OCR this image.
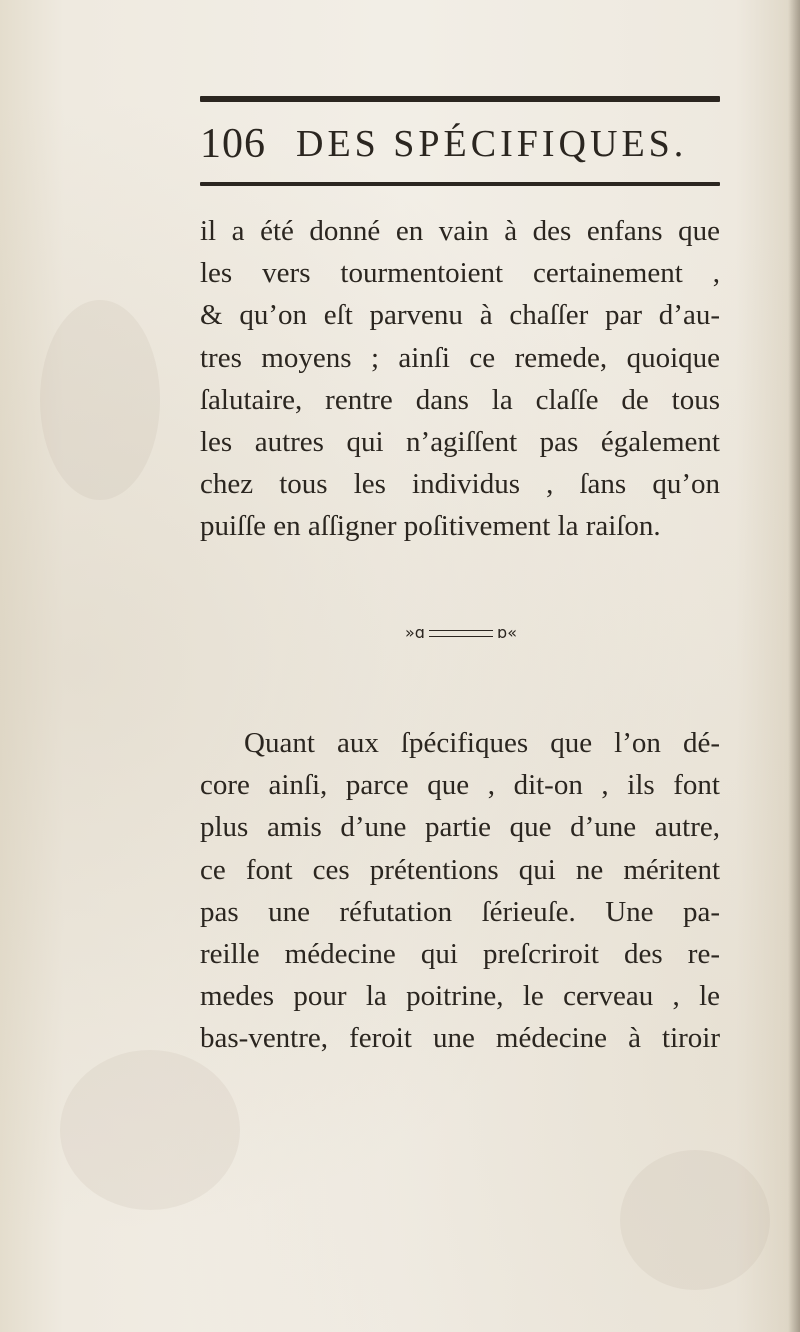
106 DES SPÉCIFIQUES.
il a été donné en vain à des enfans que
les vers tourmentoient certainement ,
& qu’on eſt parvenu à chaſſer par d’au-
tres moyens ; ainſi ce remede, quoique
ſalutaire, rentre dans la claſſe de tous
les autres qui n’agiſſent pas également
chez tous les individus , ſans qu’on
puiſſe en aſſigner poſitivement la raiſon.
»ɑ	ɒ«
Quant aux ſpécifiques que l’on dé-
core ainſi, parce que , dit-on , ils font
plus amis d’une partie que d’une autre,
ce font ces prétentions qui ne méritent
pas une réfutation ſérieuſe. Une pa-
reille médecine qui preſcriroit des re-
medes pour la poitrine, le cerveau , le
bas-ventre, feroit une médecine à tiroir
